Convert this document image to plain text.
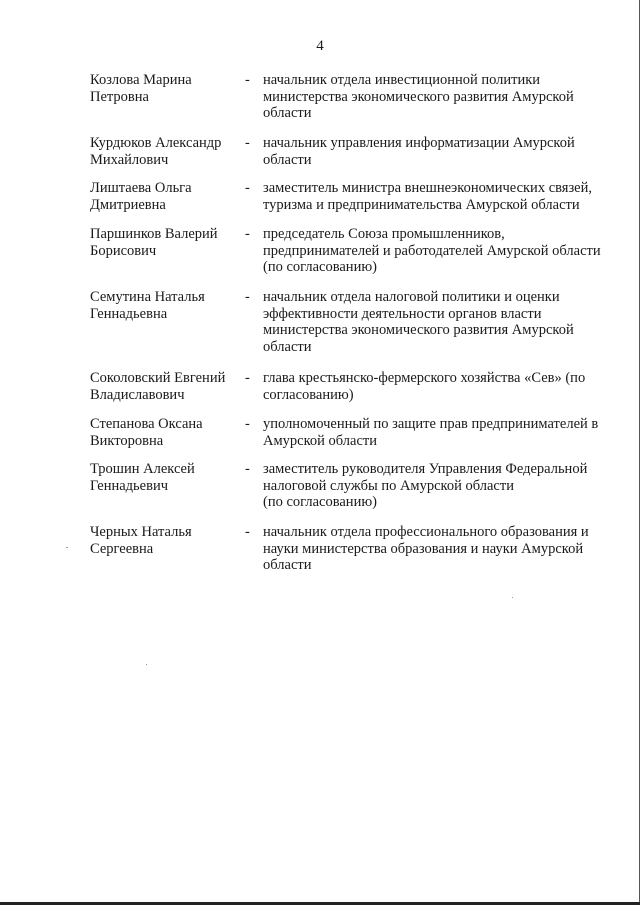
4
Козлова Марина
Петровна
- начальник отдела инвестиционной политики министерства экономического развития Амурской области
Курдюков Александр
Михайлович
- начальник управления информатизации Амурской области
Лиштаева Ольга
Дмитриевна
- заместитель министра внешнеэкономических связей, туризма и предпринимательства Амурской области
Паршинков Валерий
Борисович
- председатель Союза промышленников, предпринимателей и работодателей Амурской области (по согласованию)
Семутина Наталья
Геннадьевна
- начальник отдела налоговой политики и оценки эффективности деятельности органов власти министерства экономического развития Амурской области
Соколовский Евгений
Владиславович
- глава крестьянско-фермерского хозяйства «Сев» (по согласованию)
Степанова Оксана
Викторовна
- уполномоченный по защите прав предпринимателей в Амурской области
Трошин Алексей
Геннадьевич
- заместитель руководителя Управления Федеральной налоговой службы по Амурской области
(по согласованию)
Черных Наталья
Сергеевна
- начальник отдела профессионального образования и науки министерства образования и науки Амурской области
